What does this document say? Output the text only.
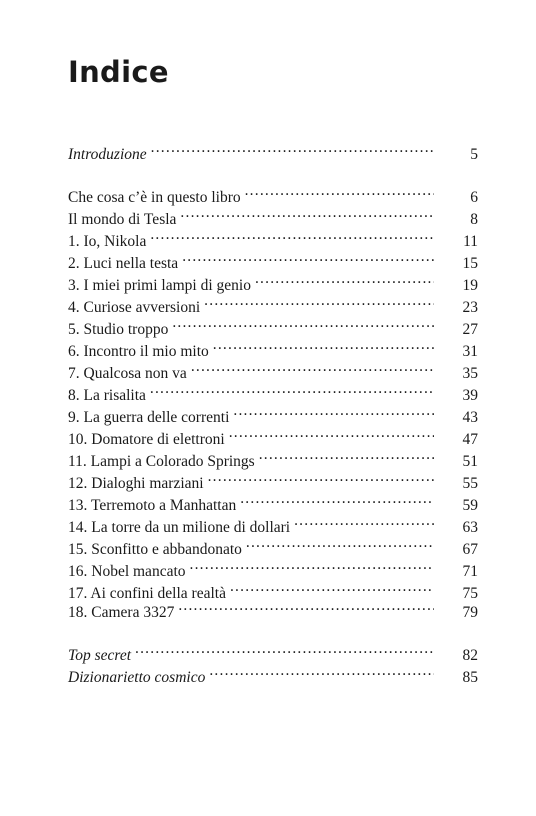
Indice
Introduzione .....	5
Che cosa c’è in questo libro .....	6
Il mondo di Tesla .....	8
1. Io, Nikola .....	11
2. Luci nella testa .....	15
3. I miei primi lampi di genio .....	19
4. Curiose avversioni .....	23
5. Studio troppo .....	27
6. Incontro il mio mito .....	31
7. Qualcosa non va .....	35
8. La risalita .....	39
9. La guerra delle correnti .....	43
10. Domatore di elettroni .....	47
11. Lampi a Colorado Springs .....	51
12. Dialoghi marziani .....	55
13. Terremoto a Manhattan .....	59
14. La torre da un milione di dollari .....	63
15. Sconfitto e abbandonato .....	67
16. Nobel mancato .....	71
17. Ai confini della realtà .....	75
18. Camera 3327 .....	79
Top secret .....	82
Dizionarietto cosmico .....	85
